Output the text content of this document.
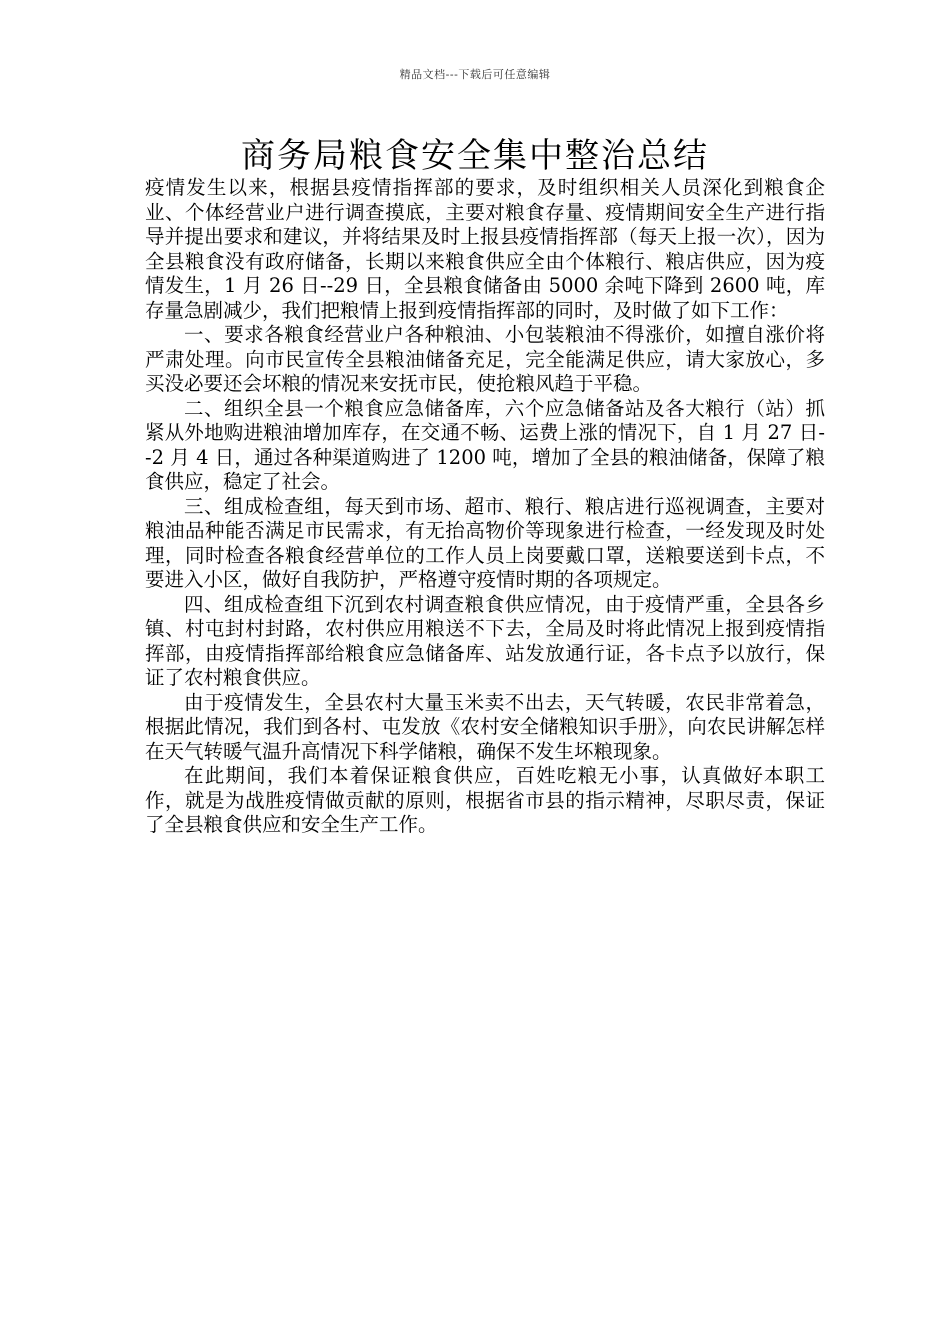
精品文档---下载后可任意编辑
商务局粮食安全集中整治总结

疫情发生以来，根据县疫情指挥部的要求，及时组织相关人员深化到粮食企业、个体经营业户进行调查摸底，主要对粮食存量、疫情期间安全生产进行指导并提出要求和建议，并将结果及时上报县疫情指挥部（每天上报一次），因为全县粮食没有政府储备，长期以来粮食供应全由个体粮行、粮店供应，因为疫情发生，1 月 26 日--29 日，全县粮食储备由 5000 余吨下降到 2600 吨，库存量急剧减少，我们把粮情上报到疫情指挥部的同时，及时做了如下工作：

一、要求各粮食经营业户各种粮油、小包装粮油不得涨价，如擅自涨价将严肃处理。向市民宣传全县粮油储备充足，完全能满足供应，请大家放心，多买没必要还会坏粮的情况来安抚市民，使抢粮风趋于平稳。

二、组织全县一个粮食应急储备库，六个应急储备站及各大粮行（站）抓紧从外地购进粮油增加库存，在交通不畅、运费上涨的情况下，自 1 月 27 日--2 月 4 日，通过各种渠道购进了 1200 吨，增加了全县的粮油储备，保障了粮食供应，稳定了社会。

三、组成检查组，每天到市场、超市、粮行、粮店进行巡视调查，主要对粮油品种能否满足市民需求，有无抬高物价等现象进行检查，一经发现及时处理，同时检查各粮食经营单位的工作人员上岗要戴口罩，送粮要送到卡点，不要进入小区，做好自我防护，严格遵守疫情时期的各项规定。

四、组成检查组下沉到农村调查粮食供应情况，由于疫情严重，全县各乡镇、村屯封村封路，农村供应用粮送不下去，全局及时将此情况上报到疫情指挥部，由疫情指挥部给粮食应急储备库、站发放通行证，各卡点予以放行，保证了农村粮食供应。

由于疫情发生，全县农村大量玉米卖不出去，天气转暖，农民非常着急，根据此情况，我们到各村、屯发放《农村安全储粮知识手册》，向农民讲解怎样在天气转暖气温升高情况下科学储粮，确保不发生坏粮现象。

在此期间，我们本着保证粮食供应，百姓吃粮无小事，认真做好本职工作，就是为战胜疫情做贡献的原则，根据省市县的指示精神，尽职尽责，保证了全县粮食供应和安全生产工作。
